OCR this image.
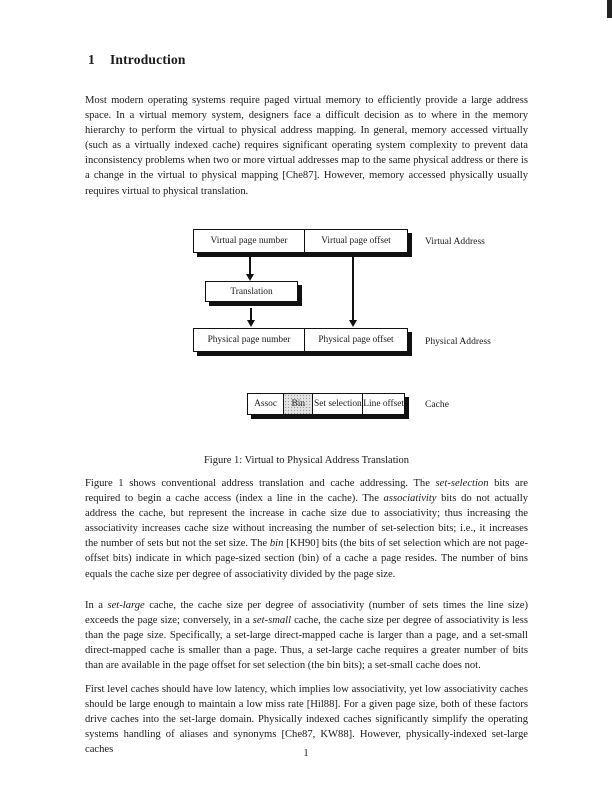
1 Introduction
Most modern operating systems require paged virtual memory to efficiently provide a large address space. In a virtual memory system, designers face a difficult decision as to where in the memory hierarchy to perform the virtual to physical address mapping. In general, memory accessed virtually (such as a virtually indexed cache) requires significant operating system complexity to prevent data inconsistency problems when two or more virtual addresses map to the same physical address or there is a change in the virtual to physical mapping [Che87]. However, memory accessed physically usually requires virtual to physical translation.
Virtual page number	Virtual page offset	Virtual Address
Translation
Physical page number	Physical page offset	Physical Address
Assoc	Bin Set selection Line offset Cache
Figure 1: Virtual to Physical Address Translation
Figure 1 shows conventional address translation and cache addressing. The set-selection bits are required to begin a cache access (index a line in the cache). The associativity bits do not actually address the cache, but represent the increase in cache size due to associativity; thus increasing the associativity increases cache size without increasing the number of set-selection bits; i.e., it increases the number of sets but not the set size. The bin [KH90] bits (the bits of set selection which are not page-offset bits) indicate in which page-sized section (bin) of a cache a page resides. The number of bins equals the cache size per degree of associativity divided by the page size.
In a set-large cache, the cache size per degree of associativity (number of sets times the line size) exceeds the page size; conversely, in a set-small cache, the cache size per degree of associativity is less than the page size. Specifically, a set-large direct-mapped cache is larger than a page, and a set-small direct-mapped cache is smaller than a page. Thus, a set-large cache requires a greater number of bits than are available in the page offset for set selection (the bin bits); a set-small cache does not.
First level caches should have low latency, which implies low associativity, yet low associativity caches should be large enough to maintain a low miss rate [Hil88]. For a given page size, both of these factors drive caches into the set-large domain. Physically indexed caches significantly simplify the operating systems handling of aliases and synonyms [Che87, KW88]. However, physically-indexed set-large caches	1
